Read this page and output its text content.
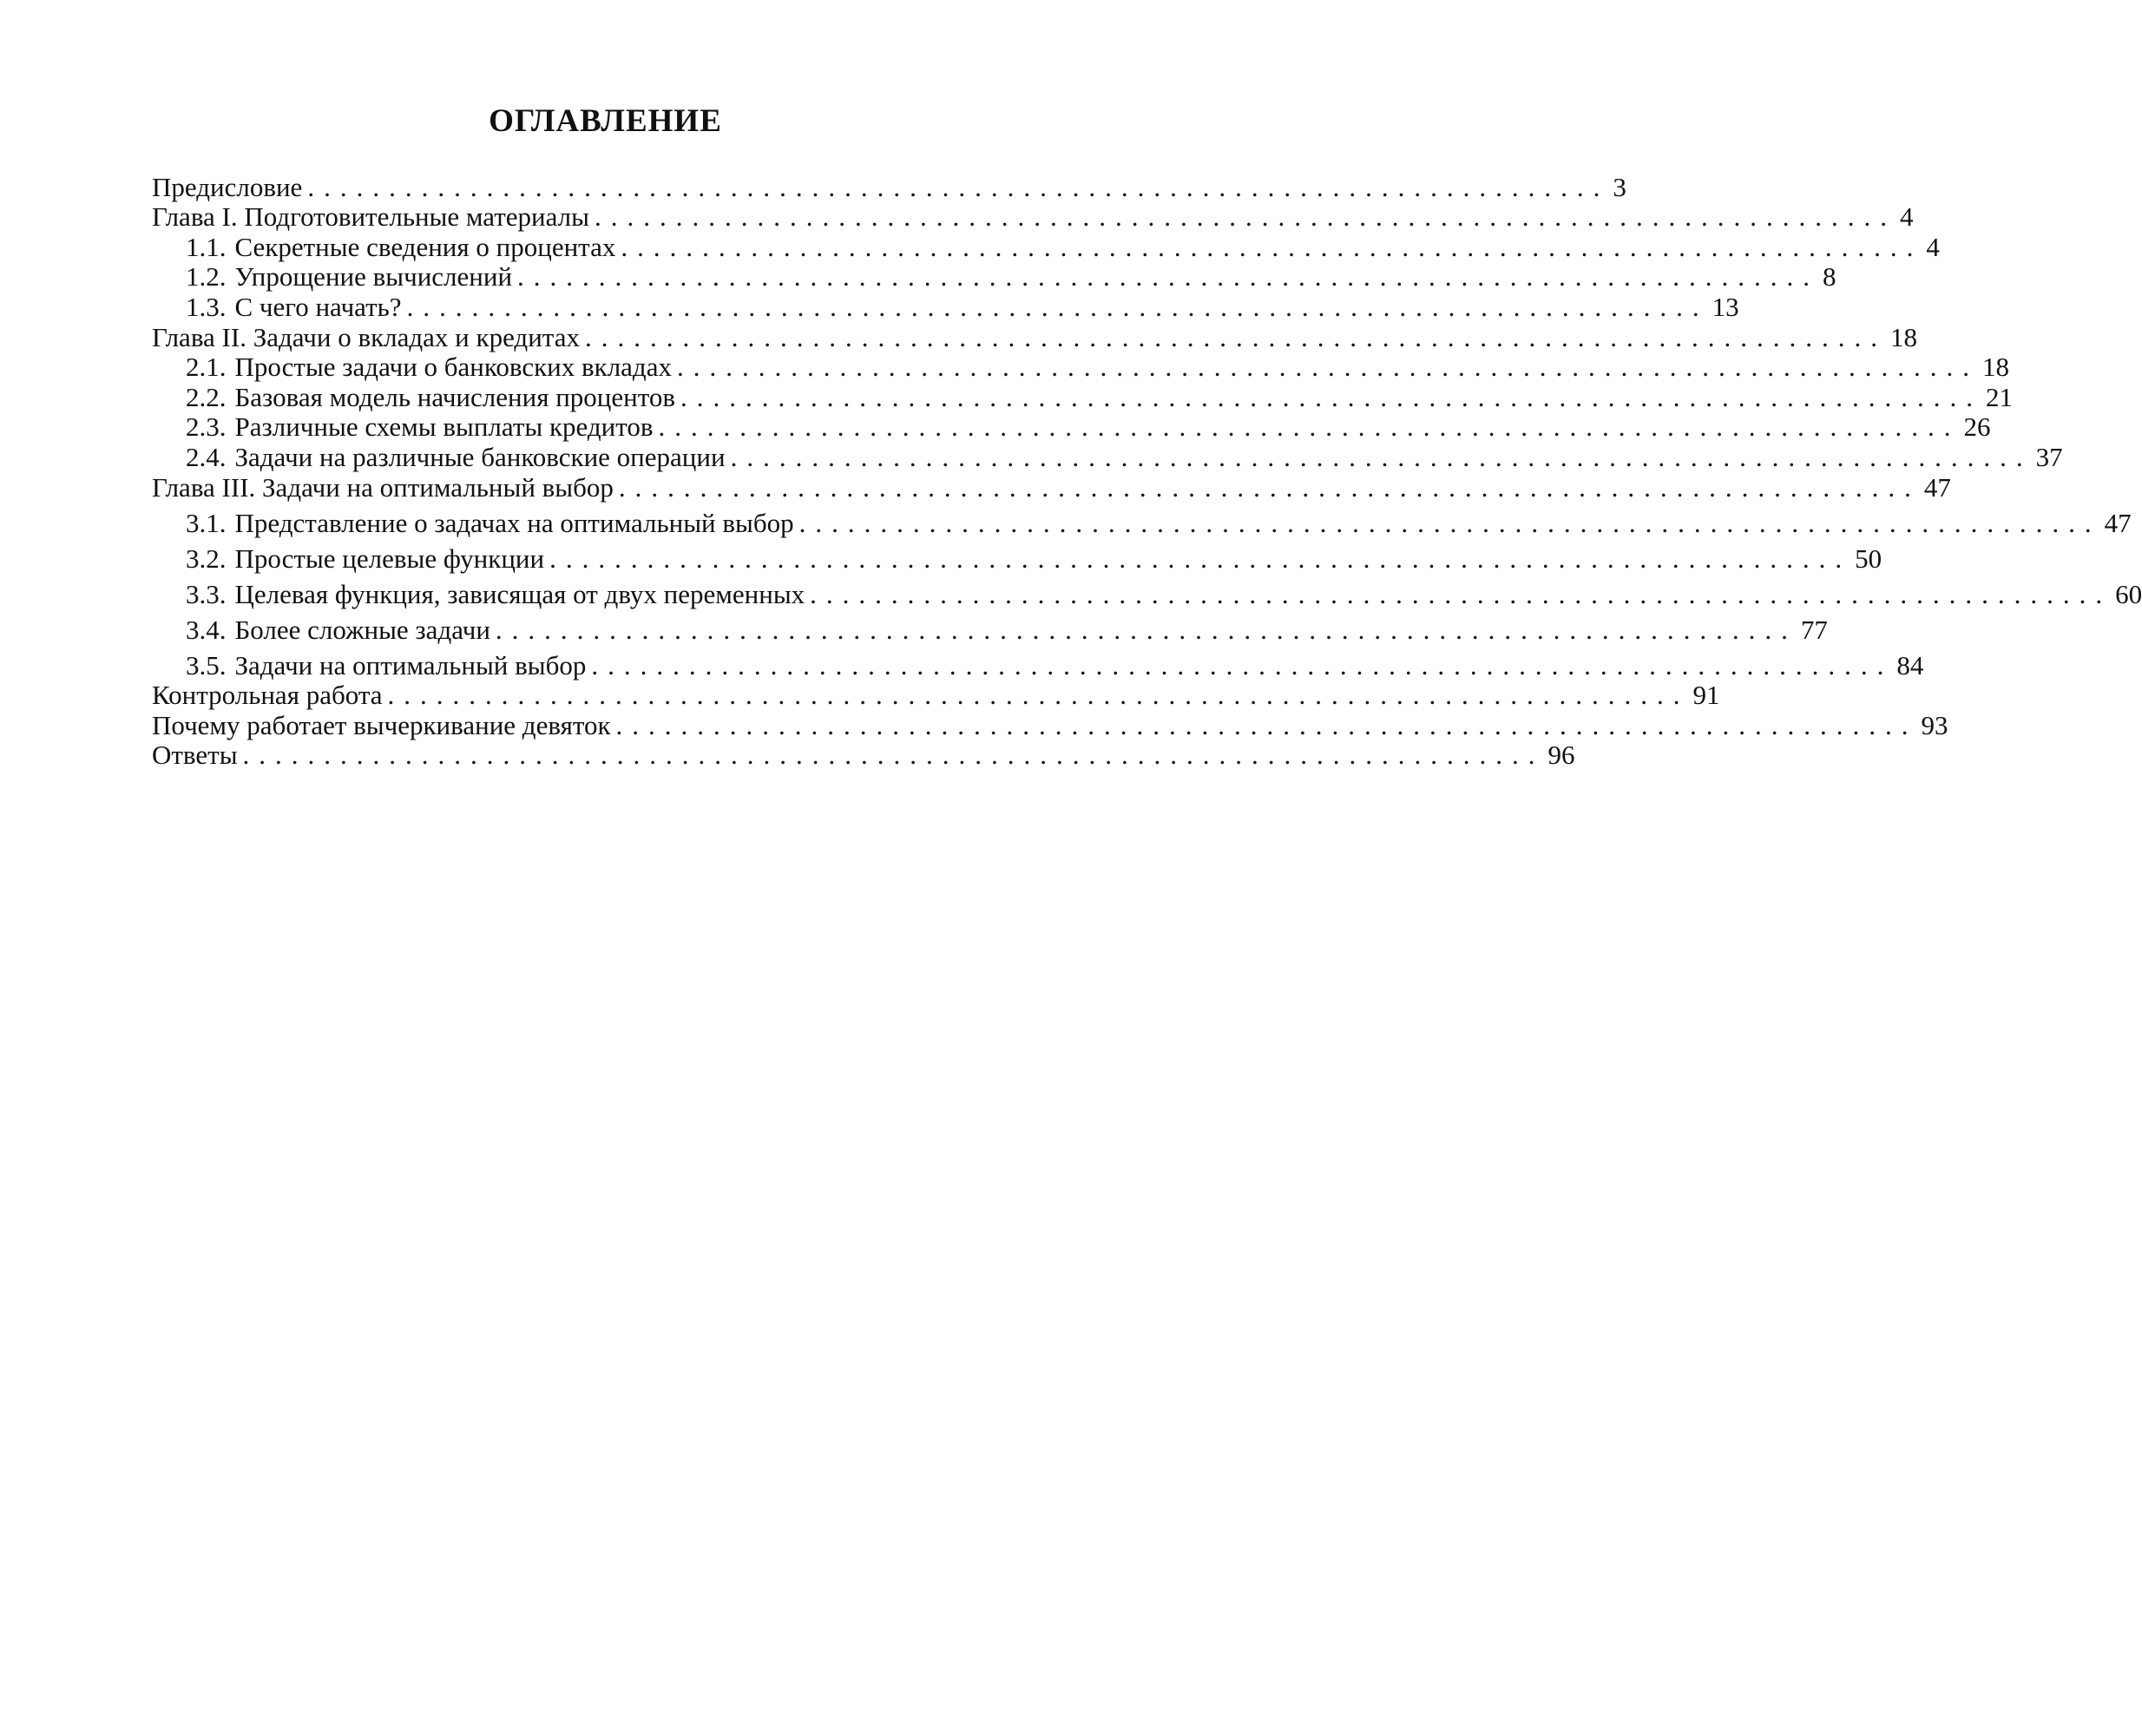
ОГЛАВЛЕНИЕ
Предисловие ................................................................................ 3
Глава I. Подготовительные материалы ................................................................................ 4
1.1. Секретные сведения о процентах ................................................................................ 4
1.2. Упрощение вычислений ................................................................................ 8
1.3. С чего начать? ................................................................................ 13
Глава II. Задачи о вкладах и кредитах ................................................................................ 18
2.1. Простые задачи о банковских вкладах ................................................................................ 18
2.2. Базовая модель начисления процентов ................................................................................ 21
2.3. Различные схемы выплаты кредитов ................................................................................ 26
2.4. Задачи на различные банковские операции ................................................................................ 37
Глава III. Задачи на оптимальный выбор ................................................................................ 47
3.1. Представление о задачах на оптимальный выбор ................................................................................ 47
3.2. Простые целевые функции ................................................................................ 50
3.3. Целевая функция, зависящая от двух переменных ................................................................................ 60
3.4. Более сложные задачи ................................................................................ 77
3.5. Задачи на оптимальный выбор ................................................................................ 84
Контрольная работа ................................................................................ 91
Почему работает вычеркивание девяток ................................................................................ 93
Ответы ................................................................................ 96
